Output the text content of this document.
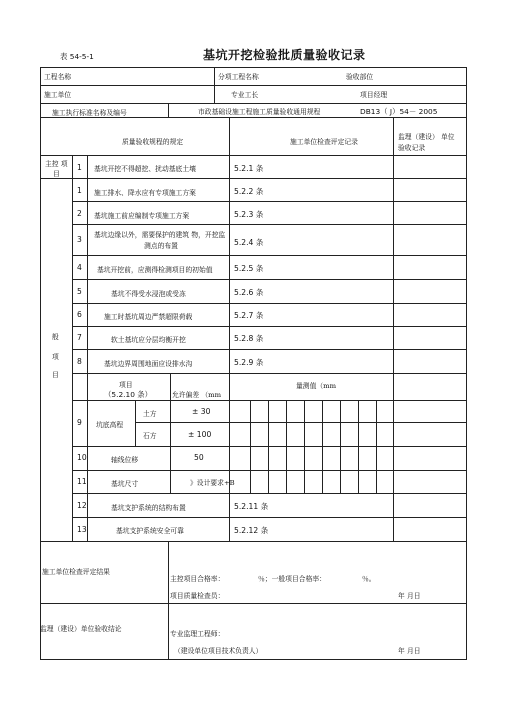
表 54-5-1	基坑开挖检验批质量验收记录
工程名称	分项工程名称	验收部位
施工单位	专业工长	项目经理
施工执行标准名称及编号	市政基础设施工程施工质量验收通用规程	DB13（ J）54－ 2005
质量验收规程的规定	施工单位检查评定记录
监理（建设） 单位
验收记录
主控 项
目
1 基坑开挖不得超挖、扰动基底土壤	5.2.1 条
般
项
目
1 施工排水、降水应有专项施工方案	5.2.2 条
2 基坑施工前应编制专项施工方案	5.2.3 条
3 基坑边缘以外，需要保护的建筑 物，开挖监
测点的布置	5.2.4 条
4 基坑开挖前，应测得检测项目的初始值	5.2.5 条
5	基坑不得受水浸泡或受冻	5.2.6 条
6	施工时基坑周边严禁超限荷载	5.2.7 条
7	软土基坑应分层均衡开挖	5.2.8 条
8	基坑边界周围地面应设排水沟	5.2.9 条
项目
（5.2.10 条）	允许偏差 （mm
量测值（mm
9 坑底高程
土方	± 30
石方	± 100
10	轴线位移	50
11	基坑尺寸	》设计要求+B
12	基坑支护系统的结构布置	5.2.11 条
13	基坑支护系统安全可靠	5.2.12 条
施工单位检查评定结果
主控项目合格率：	％；一般项目合格率：	％。
项目质量检查员：	年 月日
监理（建设）单位验收结论
专业监理工程师：
（建设单位项目技术负责人）	年 月日
